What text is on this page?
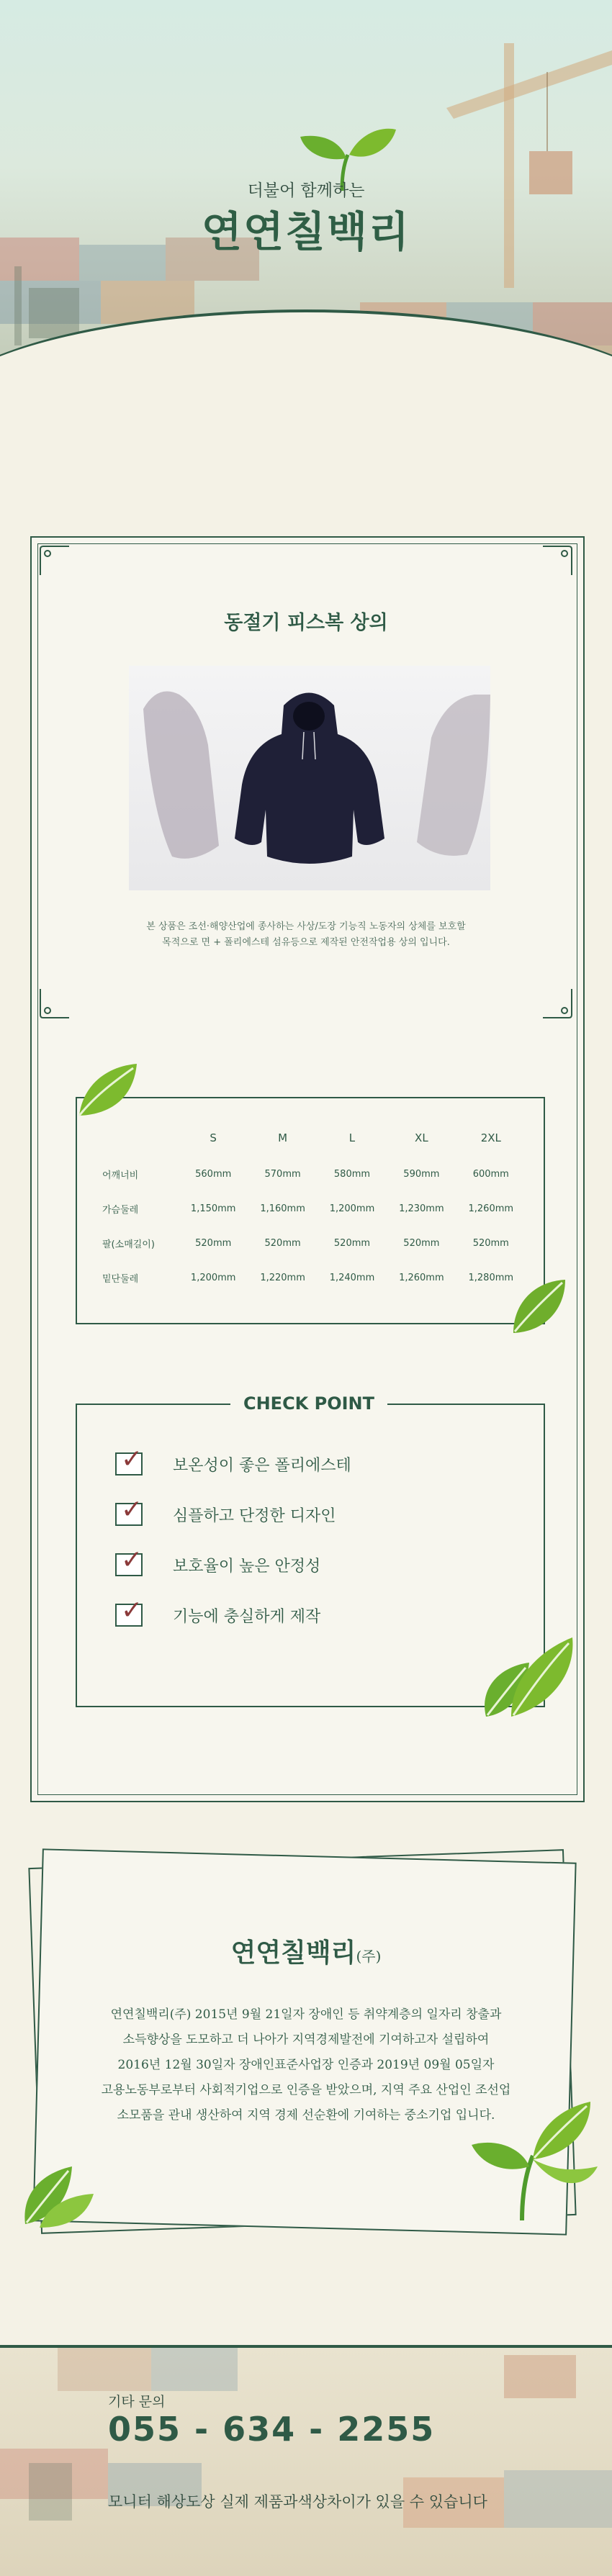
더불어 함께하는
연연칠백리
동절기 피스복 상의
본 상품은 조선·해양산업에 종사하는 사상/도장 기능직 노동자의 상체를 보호할
목적으로 면 + 폴리에스테 섬유등으로 제작된 안전작업용 상의 입니다.
	S	M	L	XL	2XL
어깨너비	560mm	570mm	580mm	590mm	600mm
가슴둘레	1,150mm	1,160mm	1,200mm	1,230mm	1,260mm
팔(소매길이)	520mm	520mm	520mm	520mm	520mm
밑단둘레	1,200mm	1,220mm	1,240mm	1,260mm	1,280mm
CHECK POINT
✓ 보온성이 좋은 폴리에스테
✓ 심플하고 단정한 디자인
✓ 보호율이 높은 안정성
✓ 기능에 충실하게 제작
연연칠백리(주)
연연칠백리(주) 2015년 9월 21일자 장애인 등 취약계층의 일자리 창출과
소득향상을 도모하고 더 나아가 지역경제발전에 기여하고자 설립하여
2016년 12월 30일자 장애인표준사업장 인증과 2019년 09월 05일자
고용노동부로부터 사회적기업으로 인증을 받았으며, 지역 주요 산업인 조선업
소모품을 관내 생산하여 지역 경제 선순환에 기여하는 중소기업 입니다.
기타 문의
055 - 634 - 2255
모니터 해상도상 실제 제품과색상차이가 있을 수 있습니다
